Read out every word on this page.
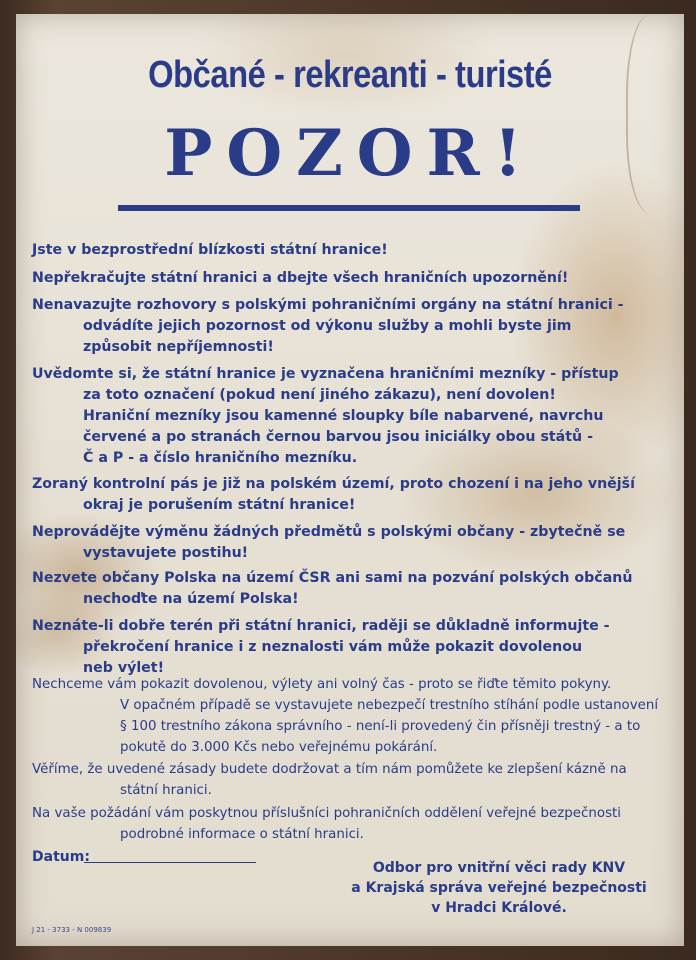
Občané - rekreanti - turisté
POZOR!
Jste v bezprostřední blízkosti státní hranice!
Nepřekračujte státní hranici a dbejte všech hraničních upozornění!
Nenavazujte rozhovory s polskými pohraničními orgány na státní hranici -
odvádíte jejich pozornost od výkonu služby a mohli byste jim
způsobit nepříjemnosti!
Uvědomte si, že státní hranice je vyznačena hraničními mezníky - přístup
za toto označení (pokud není jiného zákazu), není dovolen!
Hraniční mezníky jsou kamenné sloupky bíle nabarvené, navrchu
červené a po stranách černou barvou jsou iniciálky obou států -
Č a P - a číslo hraničního mezníku.
Zoraný kontrolní pás je již na polském území, proto chození i na jeho vnější
okraj je porušením státní hranice!
Neprovádějte výměnu žádných předmětů s polskými občany - zbytečně se
vystavujete postihu!
Nezvete občany Polska na území ČSR ani sami na pozvání polských občanů
nechoďte na území Polska!
Neznáte-li dobře terén při státní hranici, raději se důkladně informujte -
překročení hranice i z neznalosti vám může pokazit dovolenou
neb výlet!
Nechceme vám pokazit dovolenou, výlety ani volný čas - proto se řiďte těmito pokyny.
V opačném případě se vystavujete nebezpečí trestního stíhání podle ustanovení
§ 100 trestního zákona správního - není-li provedený čin přísněji trestný - a to
pokutě do 3.000 Kčs nebo veřejnému pokárání.
Věříme, že uvedené zásady budete dodržovat a tím nám pomůžete ke zlepšení kázně na
státní hranici.
Na vaše požádání vám poskytnou příslušníci pohraničních oddělení veřejné bezpečnosti
podrobné informace o státní hranici.
Datum:
Odbor pro vnitřní věci rady KNV
a Krajská správa veřejné bezpečnosti
v Hradci Králové.
J 21 - 3733 - N 009839
